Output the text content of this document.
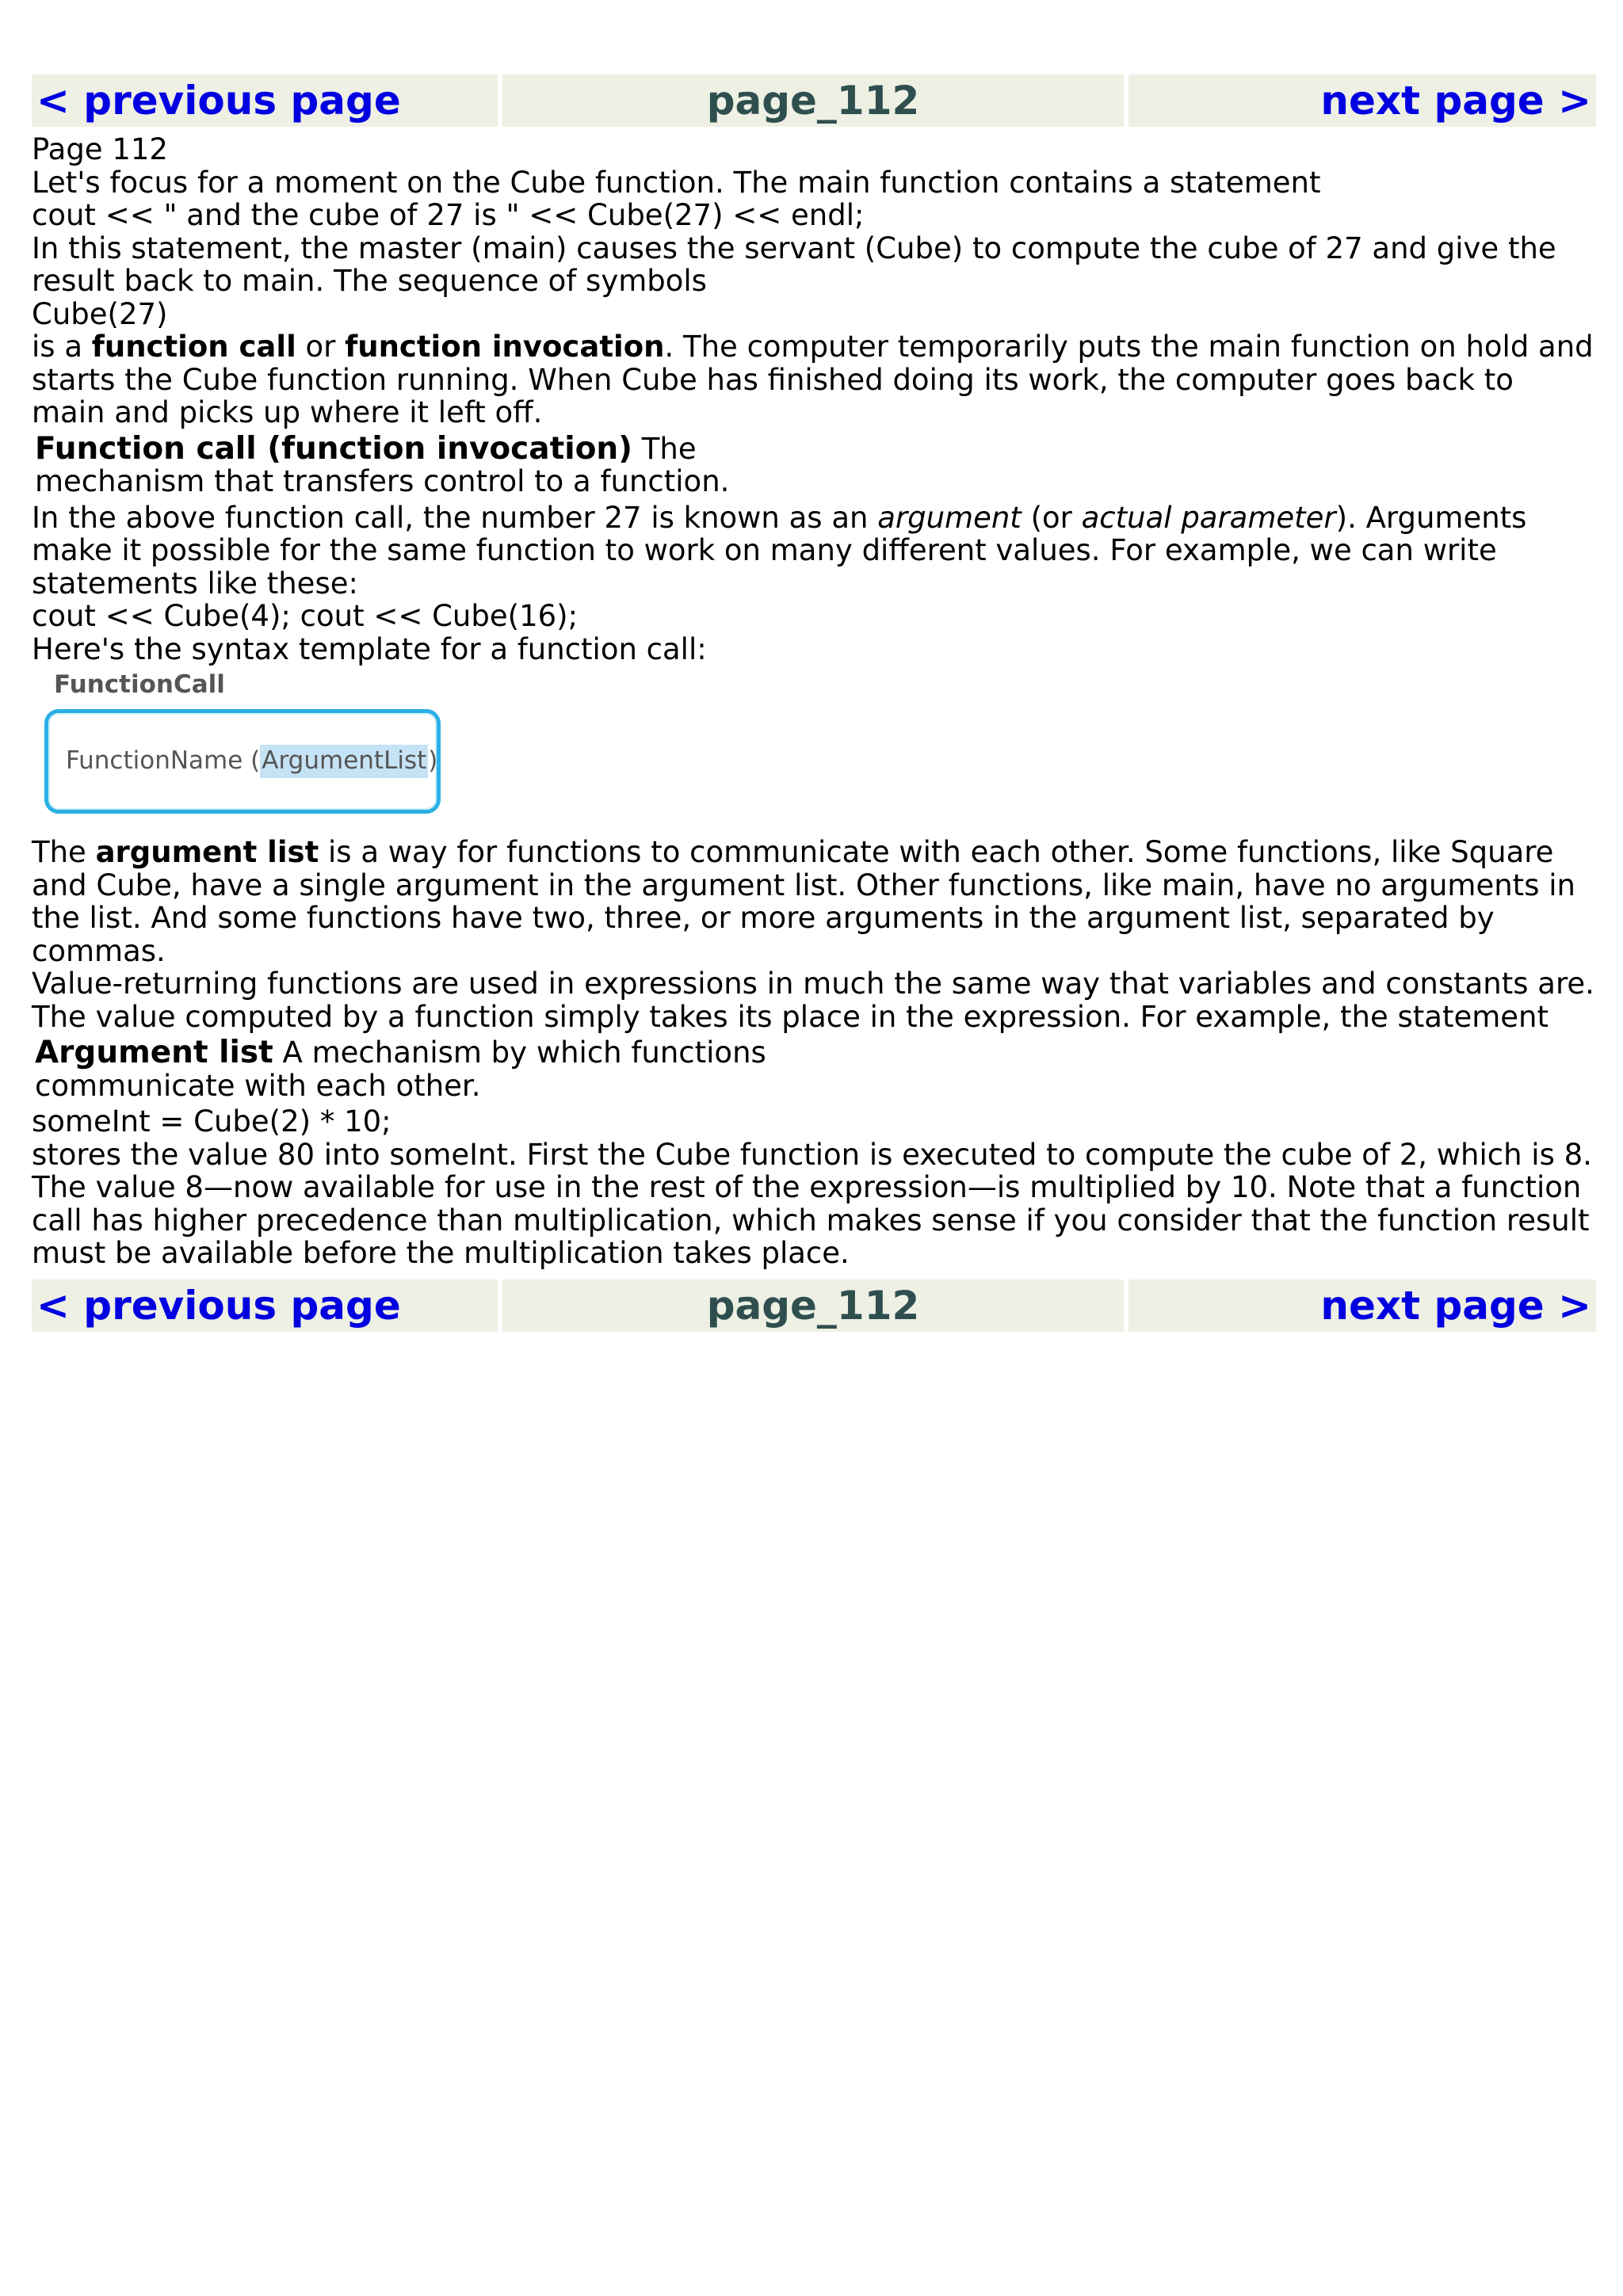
< previous page	page_112	next page >

Page 112

Let's focus for a moment on the Cube function. The main function contains a statement

cout << " and the cube of 27 is " << Cube(27) << endl;

In this statement, the master (main) causes the servant (Cube) to compute the cube of 27 and give the result back to main. The sequence of symbols

Cube(27)

is a function call or function invocation. The computer temporarily puts the main function on hold and starts the Cube function running. When Cube has finished doing its work, the computer goes back to main and picks up where it left off.

Function call (function invocation) The

mechanism that transfers control to a function.

In the above function call, the number 27 is known as an argument (or actual parameter). Arguments make it possible for the same function to work on many different values. For example, we can write statements like these:

cout << Cube(4); cout << Cube(16);

Here's the syntax template for a function call:

FunctionCall
FunctionName ( ArgumentList )

The argument list is a way for functions to communicate with each other. Some functions, like Square and Cube, have a single argument in the argument list. Other functions, like main, have no arguments in the list. And some functions have two, three, or more arguments in the argument list, separated by commas.

Value-returning functions are used in expressions in much the same way that variables and constants are. The value computed by a function simply takes its place in the expression. For example, the statement

Argument list A mechanism by which functions

communicate with each other.

someInt = Cube(2) * 10;

stores the value 80 into someInt. First the Cube function is executed to compute the cube of 2, which is 8. The value 8—now available for use in the rest of the expression—is multiplied by 10. Note that a function call has higher precedence than multiplication, which makes sense if you consider that the function result must be available before the multiplication takes place.

< previous page	page_112	next page >
